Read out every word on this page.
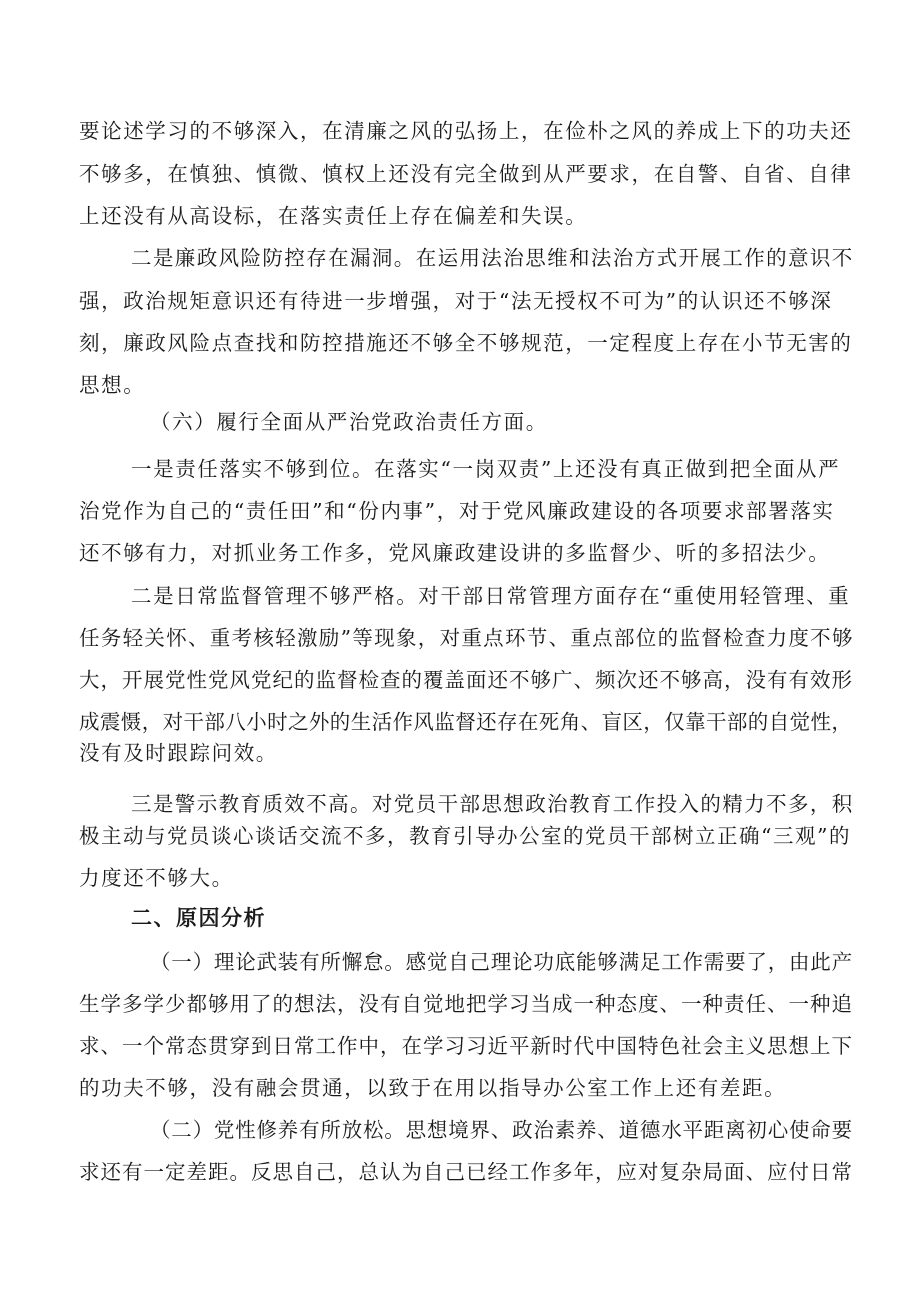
要论述学习的不够深入，在清廉之风的弘扬上，在俭朴之风的养成上下的功夫还
不够多，在慎独、慎微、慎权上还没有完全做到从严要求，在自警、自省、自律
上还没有从高设标，在落实责任上存在偏差和失误。
二是廉政风险防控存在漏洞。在运用法治思维和法治方式开展工作的意识不
强，政治规矩意识还有待进一步增强，对于“法无授权不可为”的认识还不够深
刻，廉政风险点查找和防控措施还不够全不够规范，一定程度上存在小节无害的
思想。
（六）履行全面从严治党政治责任方面。
一是责任落实不够到位。在落实“一岗双责”上还没有真正做到把全面从严
治党作为自己的“责任田”和“份内事”，对于党风廉政建设的各项要求部署落实
还不够有力，对抓业务工作多，党风廉政建设讲的多监督少、听的多招法少。
二是日常监督管理不够严格。对干部日常管理方面存在“重使用轻管理、重
任务轻关怀、重考核轻激励”等现象，对重点环节、重点部位的监督检查力度不够
大，开展党性党风党纪的监督检查的覆盖面还不够广、频次还不够高，没有有效形
成震慑，对干部八小时之外的生活作风监督还存在死角、盲区，仅靠干部的自觉性，
没有及时跟踪问效。
三是警示教育质效不高。对党员干部思想政治教育工作投入的精力不多，积
极主动与党员谈心谈话交流不多，教育引导办公室的党员干部树立正确“三观”的
力度还不够大。
二、原因分析
（一）理论武装有所懈怠。感觉自己理论功底能够满足工作需要了，由此产
生学多学少都够用了的想法，没有自觉地把学习当成一种态度、一种责任、一种追
求、一个常态贯穿到日常工作中，在学习习近平新时代中国特色社会主义思想上下
的功夫不够，没有融会贯通，以致于在用以指导办公室工作上还有差距。
（二）党性修养有所放松。思想境界、政治素养、道德水平距离初心使命要
求还有一定差距。反思自己，总认为自己已经工作多年，应对复杂局面、应付日常
